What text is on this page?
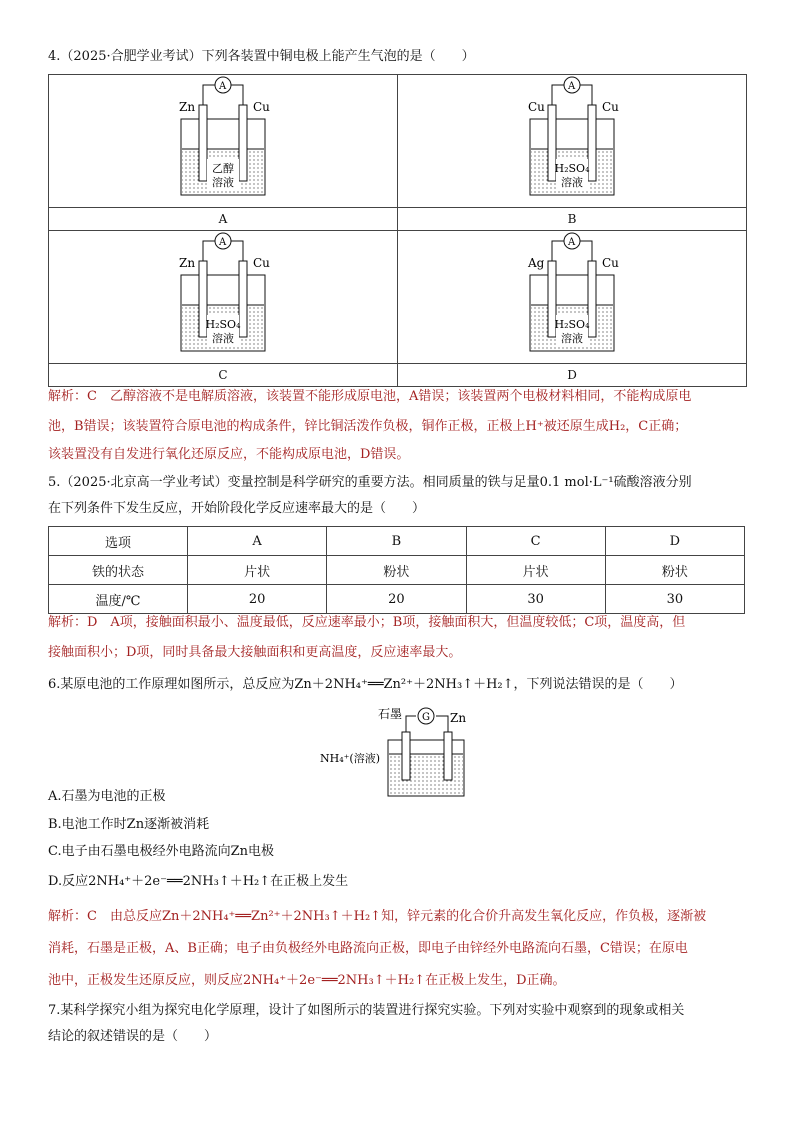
4.（2025·合肥学业考试）下列各装置中铜电极上能产生气泡的是（　　）
A
Zn Cu
乙醇
溶液	A
Cu Cu
H₂SO₄
溶液

A	B

A
Zn Cu
H₂SO₄
溶液	A
Ag Cu
H₂SO₄
溶液

C	D
解析：C　乙醇溶液不是电解质溶液，该装置不能形成原电池，A错误；该装置两个电极材料相同，不能构成原电
池，B错误；该装置符合原电池的构成条件，锌比铜活泼作负极，铜作正极，正极上H⁺被还原生成H₂，C正确；
该装置没有自发进行氧化还原反应，不能构成原电池，D错误。
5.（2025·北京高一学业考试）变量控制是科学研究的重要方法。相同质量的铁与足量0.1 mol·L⁻¹硫酸溶液分别
在下列条件下发生反应，开始阶段化学反应速率最大的是（　　）
选项	A	B	C	D
铁的状态	片状	粉状	片状	粉状
温度/℃	20	20	30	30
解析：D　A项，接触面积最小、温度最低，反应速率最小；B项，接触面积大，但温度较低；C项，温度高，但
接触面积小；D项，同时具备最大接触面积和更高温度，反应速率最大。
6.某原电池的工作原理如图所示，总反应为Zn＋2NH₄⁺══Zn²⁺＋2NH₃↑＋H₂↑，下列说法错误的是（　　）
石墨	Zn
G
NH₄⁺(溶液)
A.石墨为电池的正极
B.电池工作时Zn逐渐被消耗
C.电子由石墨电极经外电路流向Zn电极
D.反应2NH₄⁺＋2e⁻══2NH₃↑＋H₂↑在正极上发生
解析：C　由总反应Zn＋2NH₄⁺══Zn²⁺＋2NH₃↑＋H₂↑知，锌元素的化合价升高发生氧化反应，作负极，逐渐被
消耗，石墨是正极，A、B正确；电子由负极经外电路流向正极，即电子由锌经外电路流向石墨，C错误；在原电
池中，正极发生还原反应，则反应2NH₄⁺＋2e⁻══2NH₃↑＋H₂↑在正极上发生，D正确。
7.某科学探究小组为探究电化学原理，设计了如图所示的装置进行探究实验。下列对实验中观察到的现象或相关
结论的叙述错误的是（　　）
